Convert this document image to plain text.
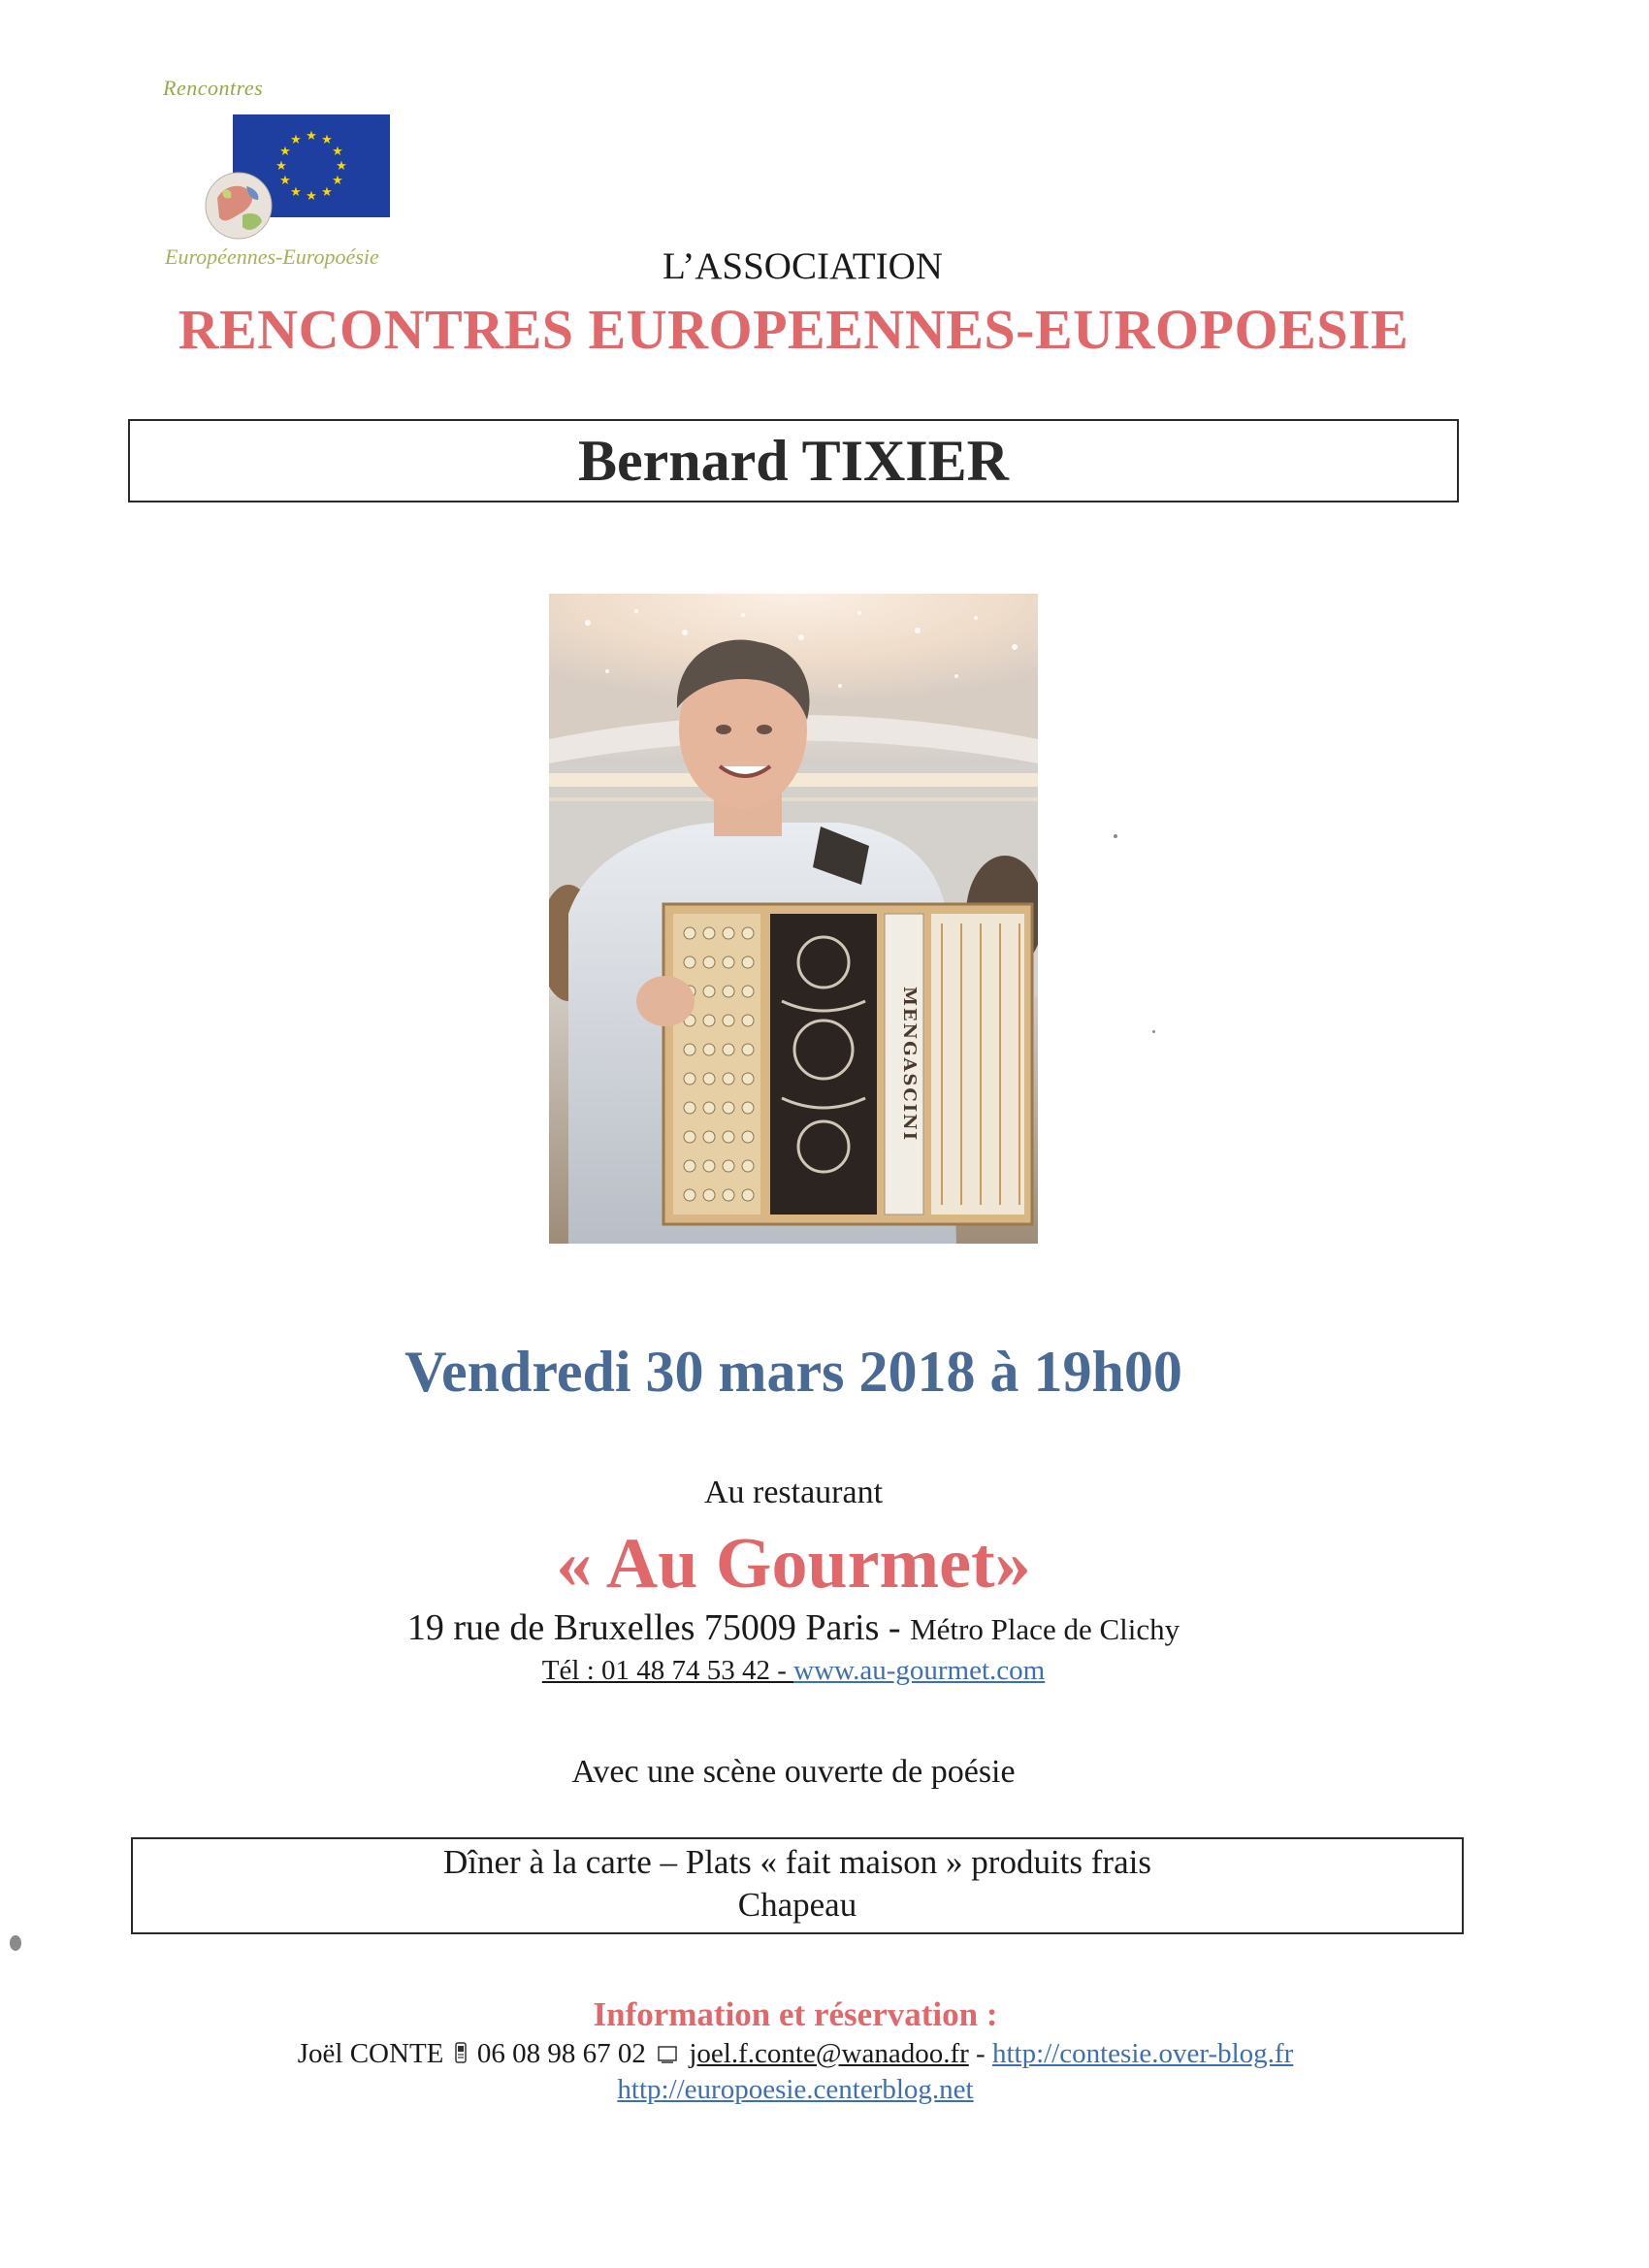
Rencontres
★ ★
★
★
★
★
★
★
★
★
★
★
Européennes-Europoésie	L’ASSOCIATION
RENCONTRES EUROPEENNES-EUROPOESIE
Bernard TIXIER
MENGASCINI
Vendredi 30 mars 2018 à 19h00
Au restaurant
« Au Gourmet»
19 rue de Bruxelles 75009 Paris - Métro Place de Clichy
Tél : 01 48 74 53 42 - www.au-gourmet.com
Avec une scène ouverte de poésie
Dîner à la carte – Plats « fait maison » produits frais
Chapeau
Information et réservation :
Joël CONTE 06 08 98 67 02 joel.f.conte@wanadoo.fr - http://contesie.over-blog.fr
http://europoesie.centerblog.net
